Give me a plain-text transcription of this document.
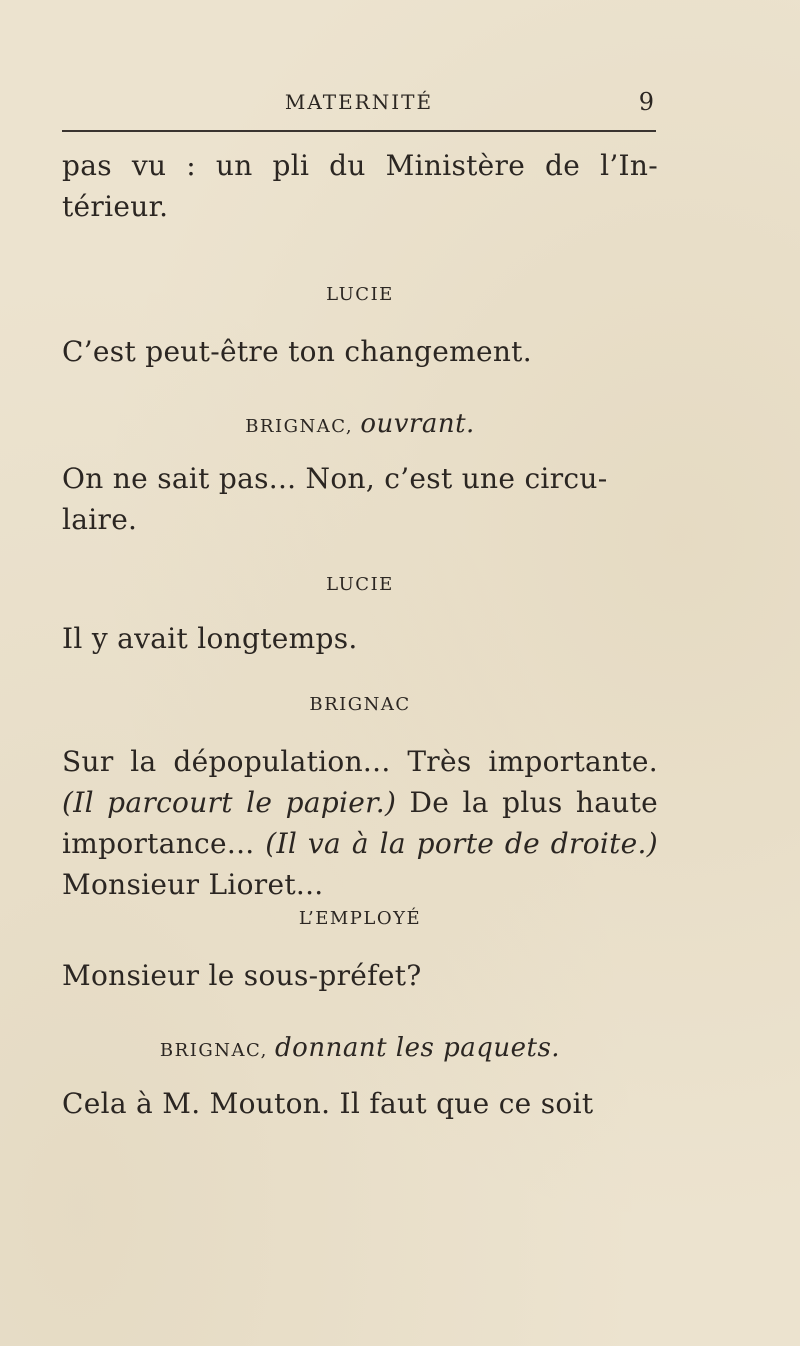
MATERNITÉ	9

pas vu : un pli du Ministère de l’In-térieur.

LUCIE

C’est peut-être ton changement.

BRIGNAC, ouvrant.

On ne sait pas... Non, c’est une circu-laire.

LUCIE

Il y avait longtemps.

BRIGNAC

Sur la dépopulation... Très importante. (Il parcourt le papier.) De la plus haute importance... (Il va à la porte de droite.) Monsieur Lioret...

L’EMPLOYÉ

Monsieur le sous-préfet?

BRIGNAC, donnant les paquets.

Cela à M. Mouton. Il faut que ce soit
